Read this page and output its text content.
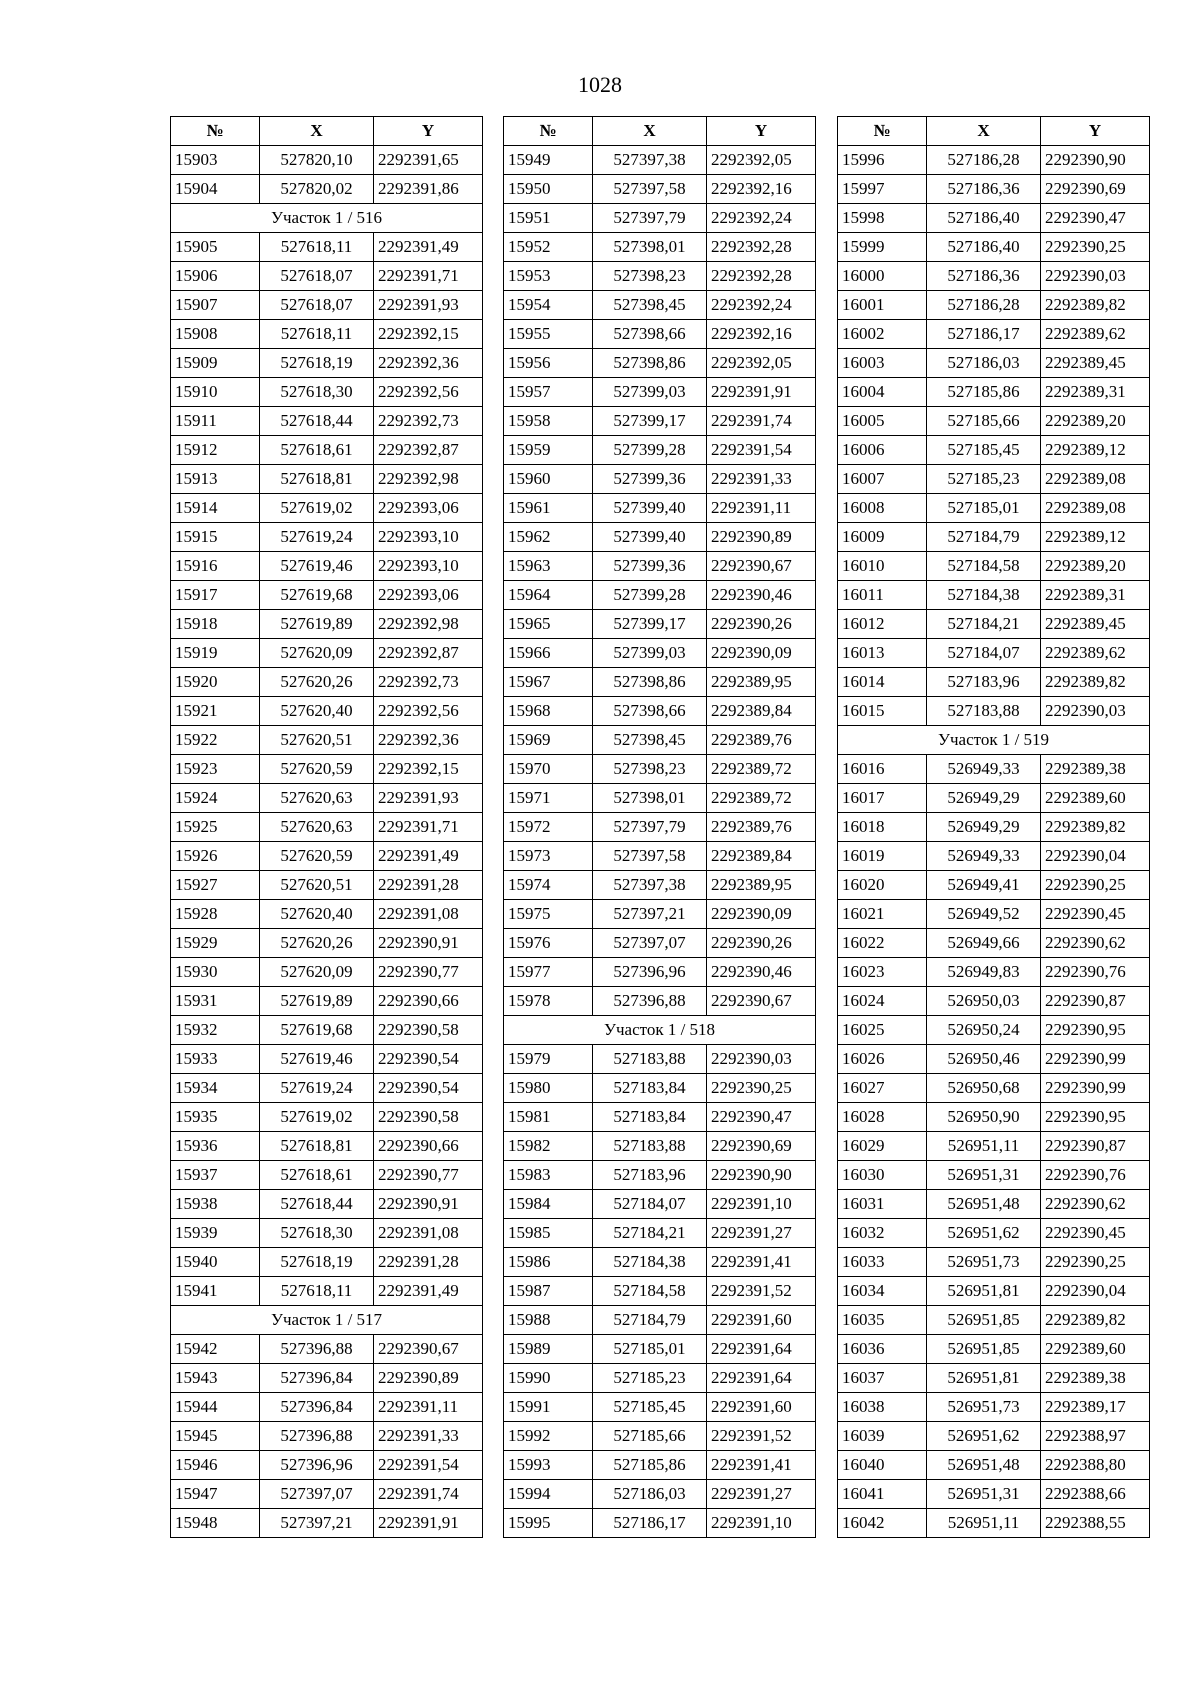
1028
№	X	Y
15903	527820,10	2292391,65
15904	527820,02	2292391,86
Участок 1 / 516		
15905	527618,11	2292391,49
15906	527618,07	2292391,71
15907	527618,07	2292391,93
15908	527618,11	2292392,15
15909	527618,19	2292392,36
15910	527618,30	2292392,56
15911	527618,44	2292392,73
15912	527618,61	2292392,87
15913	527618,81	2292392,98
15914	527619,02	2292393,06
15915	527619,24	2292393,10
15916	527619,46	2292393,10
15917	527619,68	2292393,06
15918	527619,89	2292392,98
15919	527620,09	2292392,87
15920	527620,26	2292392,73
15921	527620,40	2292392,56
15922	527620,51	2292392,36
15923	527620,59	2292392,15
15924	527620,63	2292391,93
15925	527620,63	2292391,71
15926	527620,59	2292391,49
15927	527620,51	2292391,28
15928	527620,40	2292391,08
15929	527620,26	2292390,91
15930	527620,09	2292390,77
15931	527619,89	2292390,66
15932	527619,68	2292390,58
15933	527619,46	2292390,54
15934	527619,24	2292390,54
15935	527619,02	2292390,58
15936	527618,81	2292390,66
15937	527618,61	2292390,77
15938	527618,44	2292390,91
15939	527618,30	2292391,08
15940	527618,19	2292391,28
15941	527618,11	2292391,49
Участок 1 / 517		
15942	527396,88	2292390,67
15943	527396,84	2292390,89
15944	527396,84	2292391,11
15945	527396,88	2292391,33
15946	527396,96	2292391,54
15947	527397,07	2292391,74
15948	527397,21	2292391,91
№	X	Y
15949	527397,38	2292392,05
15950	527397,58	2292392,16
15951	527397,79	2292392,24
15952	527398,01	2292392,28
15953	527398,23	2292392,28
15954	527398,45	2292392,24
15955	527398,66	2292392,16
15956	527398,86	2292392,05
15957	527399,03	2292391,91
15958	527399,17	2292391,74
15959	527399,28	2292391,54
15960	527399,36	2292391,33
15961	527399,40	2292391,11
15962	527399,40	2292390,89
15963	527399,36	2292390,67
15964	527399,28	2292390,46
15965	527399,17	2292390,26
15966	527399,03	2292390,09
15967	527398,86	2292389,95
15968	527398,66	2292389,84
15969	527398,45	2292389,76
15970	527398,23	2292389,72
15971	527398,01	2292389,72
15972	527397,79	2292389,76
15973	527397,58	2292389,84
15974	527397,38	2292389,95
15975	527397,21	2292390,09
15976	527397,07	2292390,26
15977	527396,96	2292390,46
15978	527396,88	2292390,67
Участок 1 / 518		
15979	527183,88	2292390,03
15980	527183,84	2292390,25
15981	527183,84	2292390,47
15982	527183,88	2292390,69
15983	527183,96	2292390,90
15984	527184,07	2292391,10
15985	527184,21	2292391,27
15986	527184,38	2292391,41
15987	527184,58	2292391,52
15988	527184,79	2292391,60
15989	527185,01	2292391,64
15990	527185,23	2292391,64
15991	527185,45	2292391,60
15992	527185,66	2292391,52
15993	527185,86	2292391,41
15994	527186,03	2292391,27
15995	527186,17	2292391,10
№	X	Y
15996	527186,28	2292390,90
15997	527186,36	2292390,69
15998	527186,40	2292390,47
15999	527186,40	2292390,25
16000	527186,36	2292390,03
16001	527186,28	2292389,82
16002	527186,17	2292389,62
16003	527186,03	2292389,45
16004	527185,86	2292389,31
16005	527185,66	2292389,20
16006	527185,45	2292389,12
16007	527185,23	2292389,08
16008	527185,01	2292389,08
16009	527184,79	2292389,12
16010	527184,58	2292389,20
16011	527184,38	2292389,31
16012	527184,21	2292389,45
16013	527184,07	2292389,62
16014	527183,96	2292389,82
16015	527183,88	2292390,03
Участок 1 / 519		
16016	526949,33	2292389,38
16017	526949,29	2292389,60
16018	526949,29	2292389,82
16019	526949,33	2292390,04
16020	526949,41	2292390,25
16021	526949,52	2292390,45
16022	526949,66	2292390,62
16023	526949,83	2292390,76
16024	526950,03	2292390,87
16025	526950,24	2292390,95
16026	526950,46	2292390,99
16027	526950,68	2292390,99
16028	526950,90	2292390,95
16029	526951,11	2292390,87
16030	526951,31	2292390,76
16031	526951,48	2292390,62
16032	526951,62	2292390,45
16033	526951,73	2292390,25
16034	526951,81	2292390,04
16035	526951,85	2292389,82
16036	526951,85	2292389,60
16037	526951,81	2292389,38
16038	526951,73	2292389,17
16039	526951,62	2292388,97
16040	526951,48	2292388,80
16041	526951,31	2292388,66
16042	526951,11	2292388,55
